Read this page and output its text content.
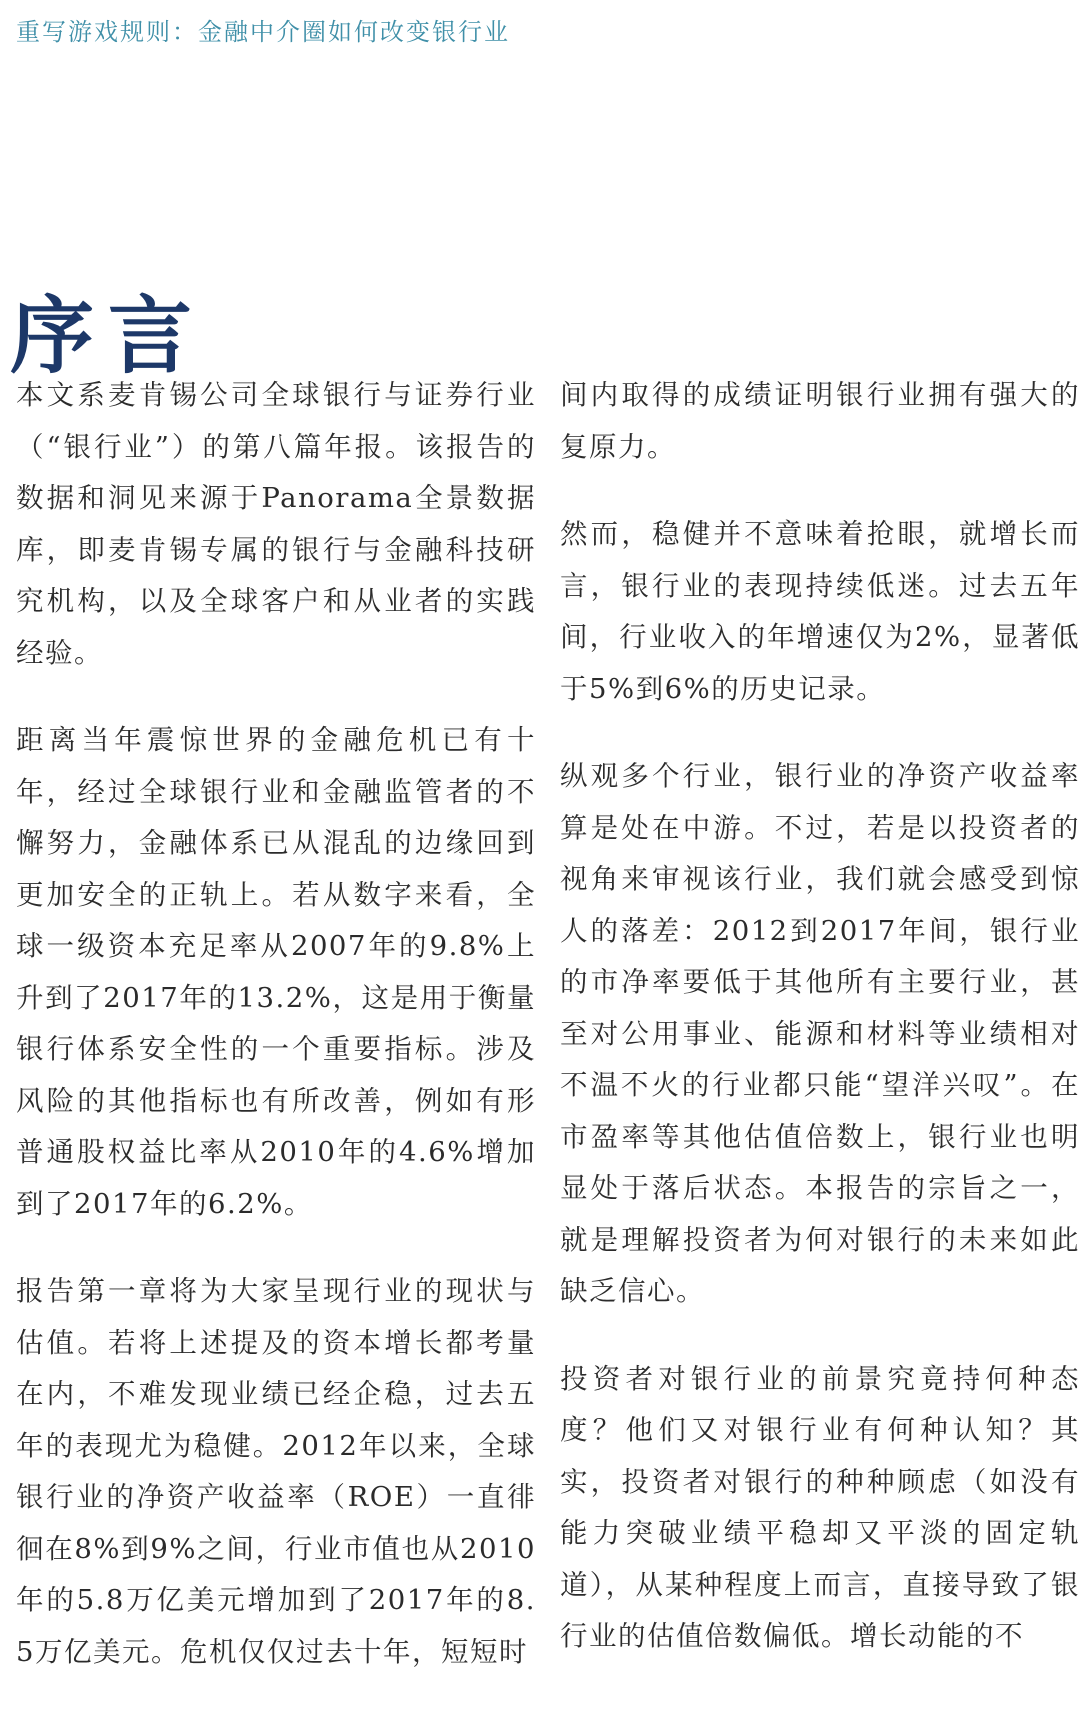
重写游戏规则：金融中介圈如何改变银行业
序言

本文系麦肯锡公司全球银行与证券行业（“银行业”）的第八篇年报。该报告的数据和洞见来源于Panorama全景数据库，即麦肯锡专属的银行与金融科技研究机构，以及全球客户和从业者的实践经验。

距离当年震惊世界的金融危机已有十年，经过全球银行业和金融监管者的不懈努力，金融体系已从混乱的边缘回到更加安全的正轨上。若从数字来看，全球一级资本充足率从2007年的9.8%上升到了2017年的13.2%，这是用于衡量银行体系安全性的一个重要指标。涉及风险的其他指标也有所改善，例如有形普通股权益比率从2010年的4.6%增加到了2017年的6.2%。

报告第一章将为大家呈现行业的现状与估值。若将上述提及的资本增长都考量在内，不难发现业绩已经企稳，过去五年的表现尤为稳健。2012年以来，全球银行业的净资产收益率（ROE）一直徘徊在8%到9%之间，行业市值也从2010年的5.8万亿美元增加到了2017年的8.5万亿美元。危机仅仅过去十年，短短时

间内取得的成绩证明银行业拥有强大的复原力。

然而，稳健并不意味着抢眼，就增长而言，银行业的表现持续低迷。过去五年间，行业收入的年增速仅为2%，显著低于5%到6%的历史记录。

纵观多个行业，银行业的净资产收益率算是处在中游。不过，若是以投资者的视角来审视该行业，我们就会感受到惊人的落差：2012到2017年间，银行业的市净率要低于其他所有主要行业，甚至对公用事业、能源和材料等业绩相对不温不火的行业都只能“望洋兴叹”。在市盈率等其他估值倍数上，银行业也明显处于落后状态。本报告的宗旨之一，就是理解投资者为何对银行的未来如此缺乏信心。

投资者对银行业的前景究竟持何种态度？他们又对银行业有何种认知？其实，投资者对银行的种种顾虑（如没有能力突破业绩平稳却又平淡的固定轨道），从某种程度上而言，直接导致了银行业的估值倍数偏低。增长动能的不
